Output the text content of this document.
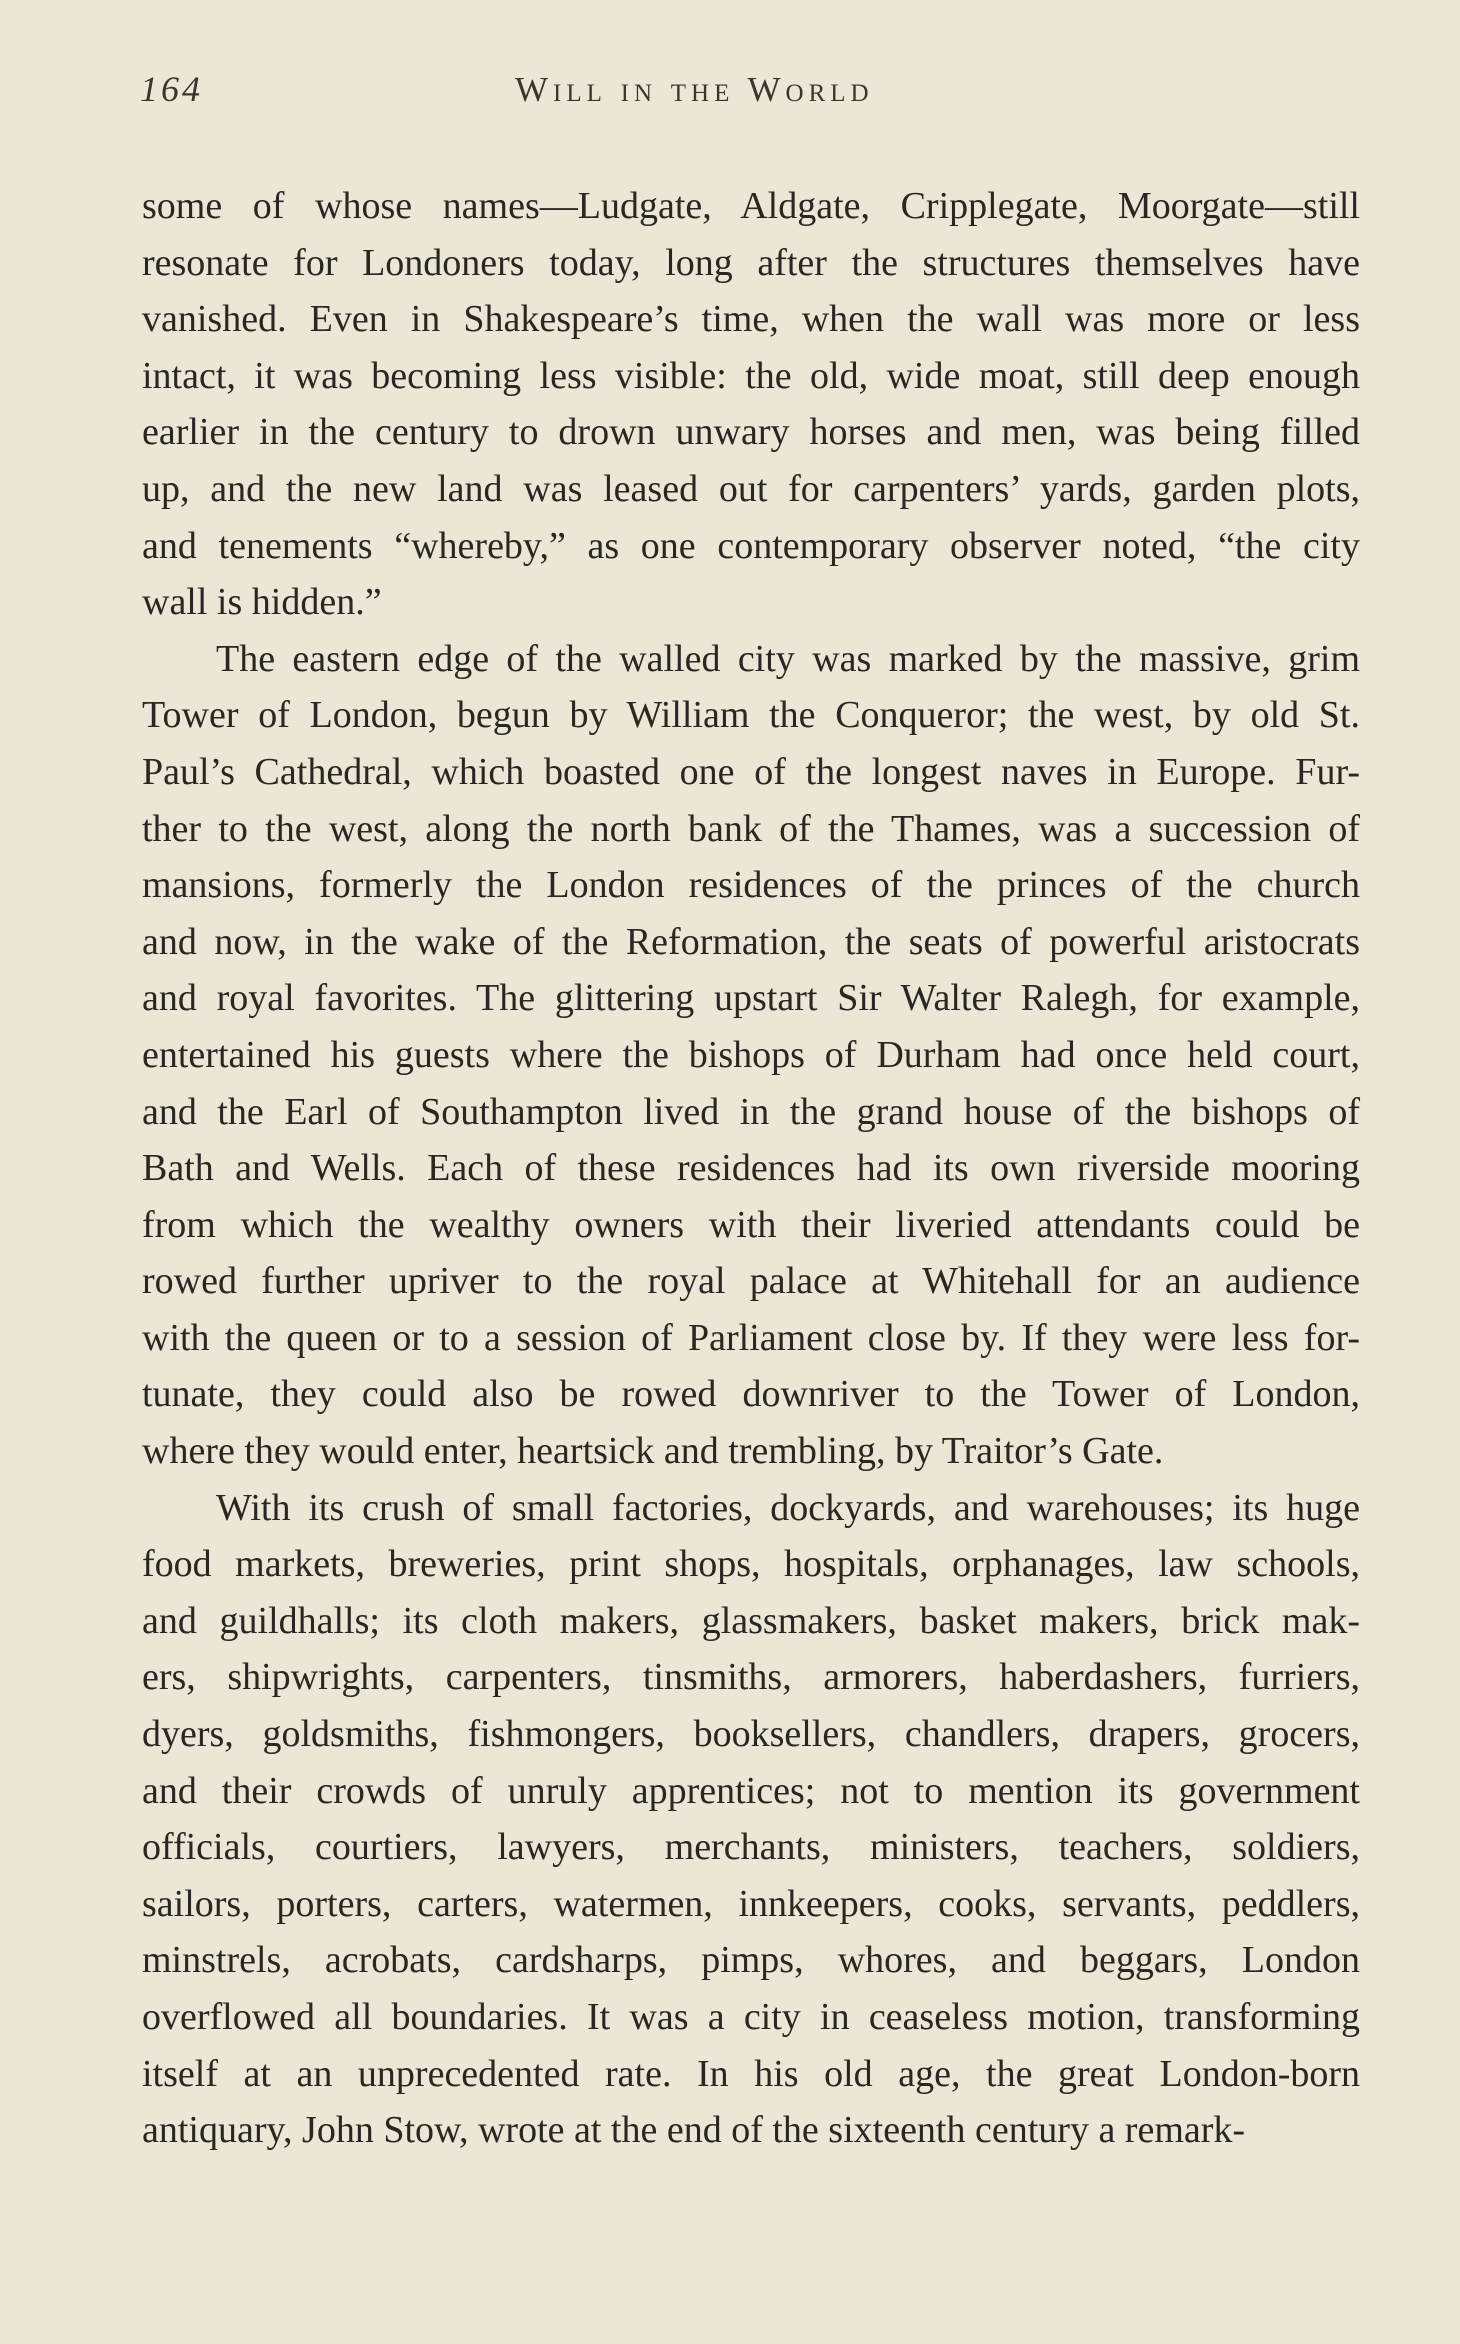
164	Will in the World

some of whose names—Ludgate, Aldgate, Cripplegate, Moorgate—still
resonate for Londoners today, long after the structures themselves have
vanished. Even in Shakespeare’s time, when the wall was more or less
intact, it was becoming less visible: the old, wide moat, still deep enough
earlier in the century to drown unwary horses and men, was being filled
up, and the new land was leased out for carpenters’ yards, garden plots,
and tenements “whereby,” as one contemporary observer noted, “the city
wall is hidden.”

The eastern edge of the walled city was marked by the massive, grim
Tower of London, begun by William the Conqueror; the west, by old St.
Paul’s Cathedral, which boasted one of the longest naves in Europe. Fur-
ther to the west, along the north bank of the Thames, was a succession of
mansions, formerly the London residences of the princes of the church
and now, in the wake of the Reformation, the seats of powerful aristocrats
and royal favorites. The glittering upstart Sir Walter Ralegh, for example,
entertained his guests where the bishops of Durham had once held court,
and the Earl of Southampton lived in the grand house of the bishops of
Bath and Wells. Each of these residences had its own riverside mooring
from which the wealthy owners with their liveried attendants could be
rowed further upriver to the royal palace at Whitehall for an audience
with the queen or to a session of Parliament close by. If they were less for-
tunate, they could also be rowed downriver to the Tower of London,
where they would enter, heartsick and trembling, by Traitor’s Gate.

With its crush of small factories, dockyards, and warehouses; its huge
food markets, breweries, print shops, hospitals, orphanages, law schools,
and guildhalls; its cloth makers, glassmakers, basket makers, brick mak-
ers, shipwrights, carpenters, tinsmiths, armorers, haberdashers, furriers,
dyers, goldsmiths, fishmongers, booksellers, chandlers, drapers, grocers,
and their crowds of unruly apprentices; not to mention its government
officials, courtiers, lawyers, merchants, ministers, teachers, soldiers,
sailors, porters, carters, watermen, innkeepers, cooks, servants, peddlers,
minstrels, acrobats, cardsharps, pimps, whores, and beggars, London
overflowed all boundaries. It was a city in ceaseless motion, transforming
itself at an unprecedented rate. In his old age, the great London-born
antiquary, John Stow, wrote at the end of the sixteenth century a remark-
